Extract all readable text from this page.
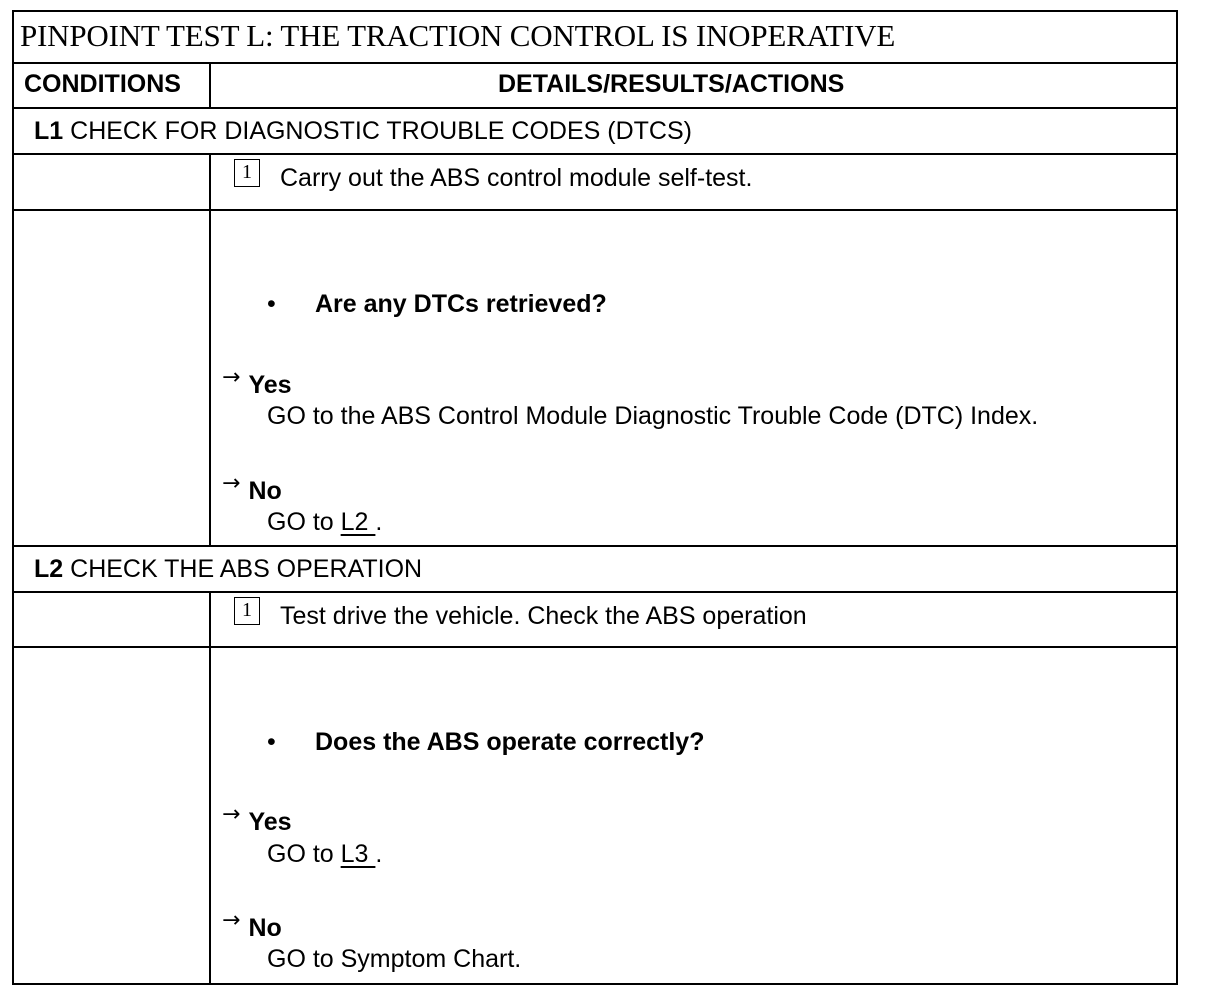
PINPOINT TEST L: THE TRACTION CONTROL IS INOPERATIVE
CONDITIONS	DETAILS/RESULTS/ACTIONS
L1 CHECK FOR DIAGNOSTIC TROUBLE CODES (DTCS)
1	Carry out the ABS control module self-test.
• Are any DTCs retrieved?
→ Yes
GO to the ABS Control Module Diagnostic Trouble Code (DTC) Index.
→ No
GO to L2 .
L2 CHECK THE ABS OPERATION
1	Test drive the vehicle. Check the ABS operation
• Does the ABS operate correctly?
→ Yes
GO to L3 .
→ No
GO to Symptom Chart.
